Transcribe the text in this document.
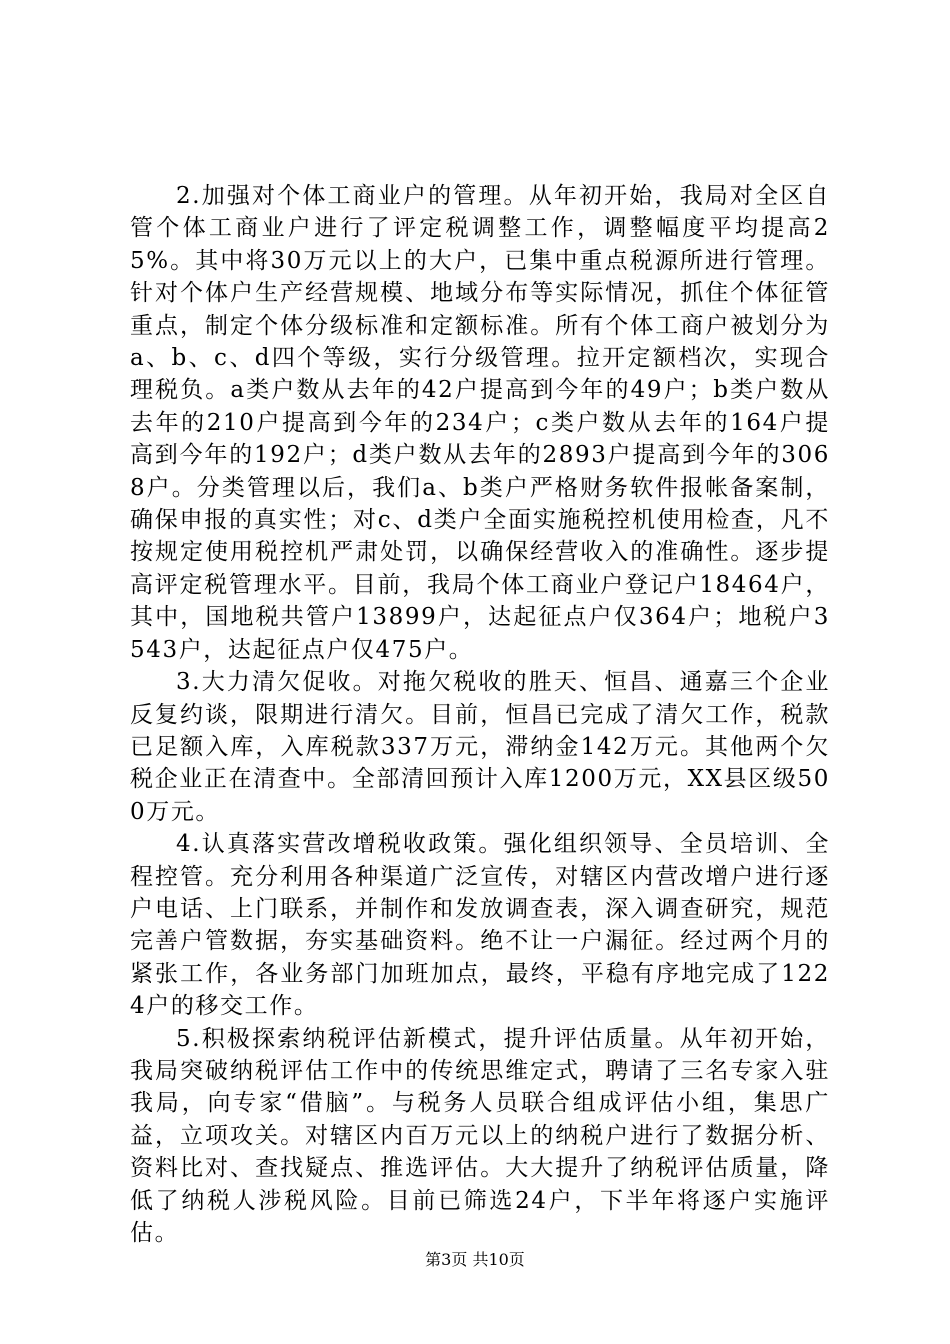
2.加强对个体工商业户的管理。从年初开始，我局对全区自管个体工商业户进行了评定税调整工作，调整幅度平均提高25%。其中将30万元以上的大户，已集中重点税源所进行管理。针对个体户生产经营规模、地域分布等实际情况，抓住个体征管重点，制定个体分级标准和定额标准。所有个体工商户被划分为a、b、c、d四个等级，实行分级管理。拉开定额档次，实现合理税负。a类户数从去年的42户提高到今年的49户；b类户数从去年的210户提高到今年的234户；c类户数从去年的164户提高到今年的192户；d类户数从去年的2893户提高到今年的3068户。分类管理以后，我们a、b类户严格财务软件报帐备案制，确保申报的真实性；对c、d类户全面实施税控机使用检查，凡不按规定使用税控机严肃处罚，以确保经营收入的准确性。逐步提高评定税管理水平。目前，我局个体工商业户登记户18464户，其中，国地税共管户13899户，达起征点户仅364户；地税户3543户，达起征点户仅475户。

3.大力清欠促收。对拖欠税收的胜天、恒昌、通嘉三个企业反复约谈，限期进行清欠。目前，恒昌已完成了清欠工作，税款已足额入库，入库税款337万元，滞纳金142万元。其他两个欠税企业正在清查中。全部清回预计入库1200万元，XX县区级500万元。

4.认真落实营改增税收政策。强化组织领导、全员培训、全程控管。充分利用各种渠道广泛宣传，对辖区内营改增户进行逐户电话、上门联系，并制作和发放调查表，深入调查研究，规范完善户管数据，夯实基础资料。绝不让一户漏征。经过两个月的紧张工作，各业务部门加班加点，最终，平稳有序地完成了1224户的移交工作。

5.积极探索纳税评估新模式，提升评估质量。从年初开始，我局突破纳税评估工作中的传统思维定式，聘请了三名专家入驻我局，向专家“借脑”。与税务人员联合组成评估小组，集思广益，立项攻关。对辖区内百万元以上的纳税户进行了数据分析、资料比对、查找疑点、推选评估。大大提升了纳税评估质量，降低了纳税人涉税风险。目前已筛选24户，下半年将逐户实施评估。

第3页 共10页
